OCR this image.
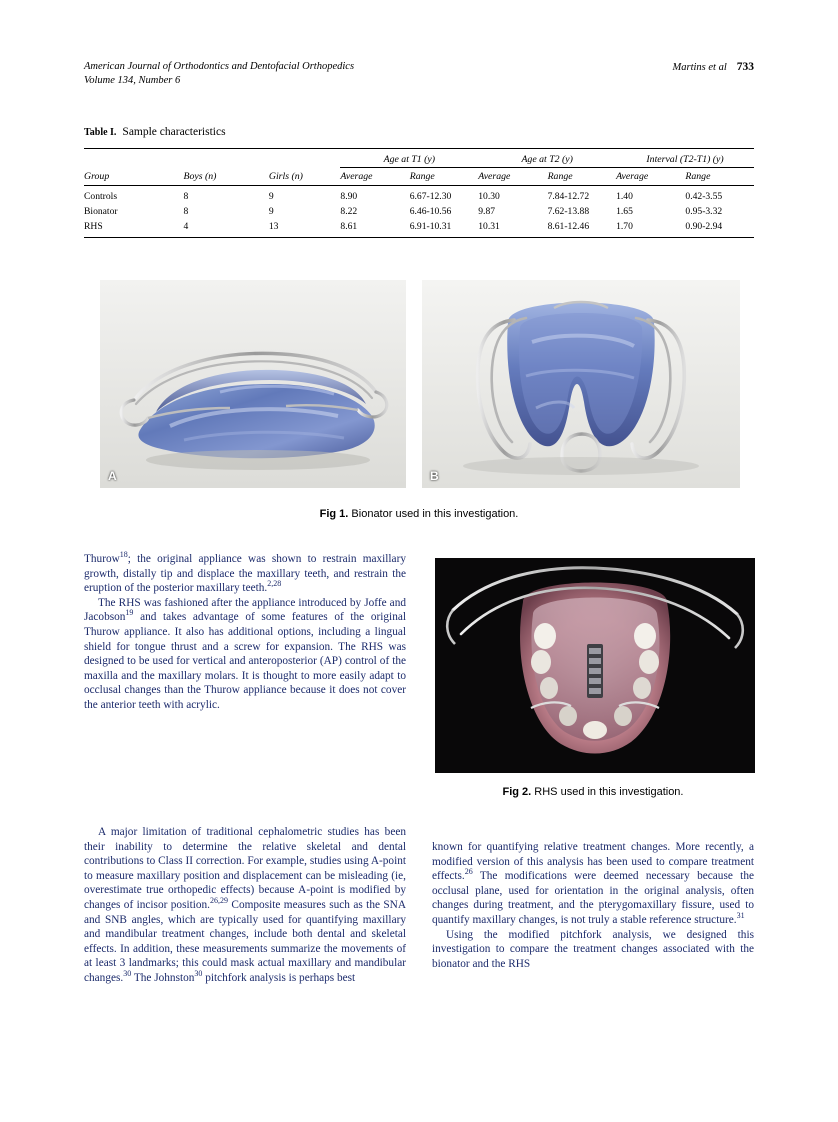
American Journal of Orthodontics and Dentofacial Orthopedics
Volume 134, Number 6
Martins et al 733
Table I. Sample characteristics
			Age at T1 (y)		Age at T2 (y)		Interval (T2-T1) (y)	
Group	Boys (n)	Girls (n)	Average	Range	Average	Range	Average	Range
Controls	8	9	8.90	6.67-12.30	10.30	7.84-12.72	1.40	0.42-3.55
Bionator	8	9	8.22	6.46-10.56	9.87	7.62-13.88	1.65	0.95-3.32
RHS	4	13	8.61	6.91-10.31	10.31	8.61-12.46	1.70	0.90-2.94
A	B
Fig 1. Bionator used in this investigation.

Thurow$^{18}$; the original appliance was shown to restrain maxillary growth, distally tip and displace the maxillary teeth, and restrain the eruption of the posterior maxillary teeth.$^{2,28}$

The RHS was fashioned after the appliance introduced by Joffe and Jacobson$^{19}$ and takes advantage of some features of the original Thurow appliance. It also has additional options, including a lingual shield for tongue thrust and a screw for expansion. The RHS was designed to be used for vertical and anteroposterior (AP) control of the maxilla and the maxillary molars. It is thought to more easily adapt to occlusal changes than the Thurow appliance because it does not cover the anterior teeth with acrylic.

Fig 2. RHS used in this investigation.

A major limitation of traditional cephalometric studies has been their inability to determine the relative skeletal and dental contributions to Class II correction. For example, studies using A-point to measure maxillary position and displacement can be misleading (ie, overestimate true orthopedic effects) because A-point is modified by changes of incisor position.$^{26,29}$ Composite measures such as the SNA and SNB angles, which are typically used for quantifying maxillary and mandibular treatment changes, include both dental and skeletal effects. In addition, these measurements summarize the movements of at least 3 landmarks; this could mask actual maxillary and mandibular changes.$^{30}$ The Johnston$^{30}$ pitchfork analysis is perhaps best

known for quantifying relative treatment changes. More recently, a modified version of this analysis has been used to compare treatment effects.$^{26}$ The modifications were deemed necessary because the occlusal plane, used for orientation in the original analysis, often changes during treatment, and the pterygomaxillary fissure, used to quantify maxillary changes, is not truly a stable reference structure.$^{31}$

Using the modified pitchfork analysis, we designed this investigation to compare the treatment changes associated with the bionator and the RHS
